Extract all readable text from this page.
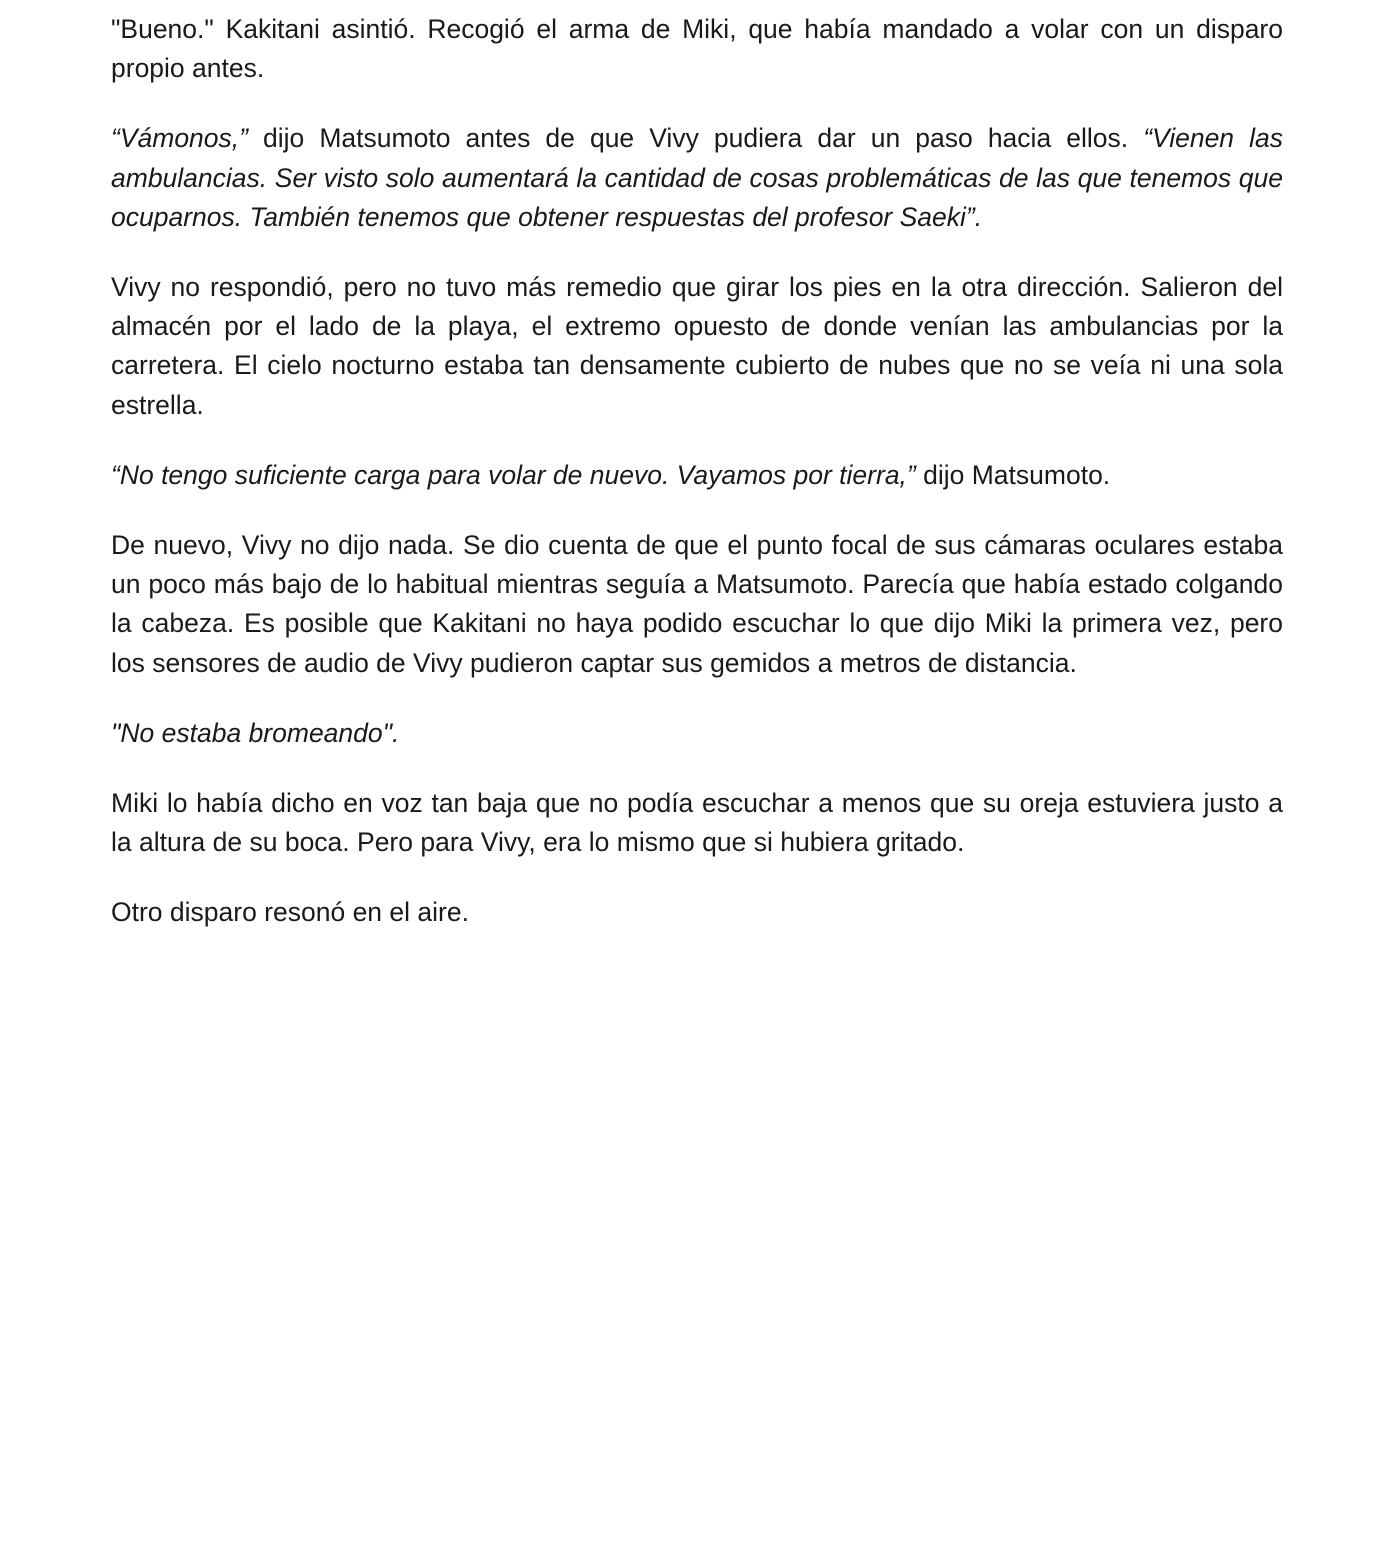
"Bueno." Kakitani asintió. Recogió el arma de Miki, que había mandado a volar con un disparo propio antes.

“Vámonos,” dijo Matsumoto antes de que Vivy pudiera dar un paso hacia ellos. “Vienen las ambulancias. Ser visto solo aumentará la cantidad de cosas problemáticas de las que tenemos que ocuparnos. También tenemos que obtener respuestas del profesor Saeki”.

Vivy no respondió, pero no tuvo más remedio que girar los pies en la otra dirección. Salieron del almacén por el lado de la playa, el extremo opuesto de donde venían las ambulancias por la carretera. El cielo nocturno estaba tan densamente cubierto de nubes que no se veía ni una sola estrella.

“No tengo suficiente carga para volar de nuevo. Vayamos por tierra,” dijo Matsumoto.

De nuevo, Vivy no dijo nada. Se dio cuenta de que el punto focal de sus cámaras oculares estaba un poco más bajo de lo habitual mientras seguía a Matsumoto. Parecía que había estado colgando la cabeza. Es posible que Kakitani no haya podido escuchar lo que dijo Miki la primera vez, pero los sensores de audio de Vivy pudieron captar sus gemidos a metros de distancia.

"No estaba bromeando".

Miki lo había dicho en voz tan baja que no podía escuchar a menos que su oreja estuviera justo a la altura de su boca. Pero para Vivy, era lo mismo que si hubiera gritado.

Otro disparo resonó en el aire.
